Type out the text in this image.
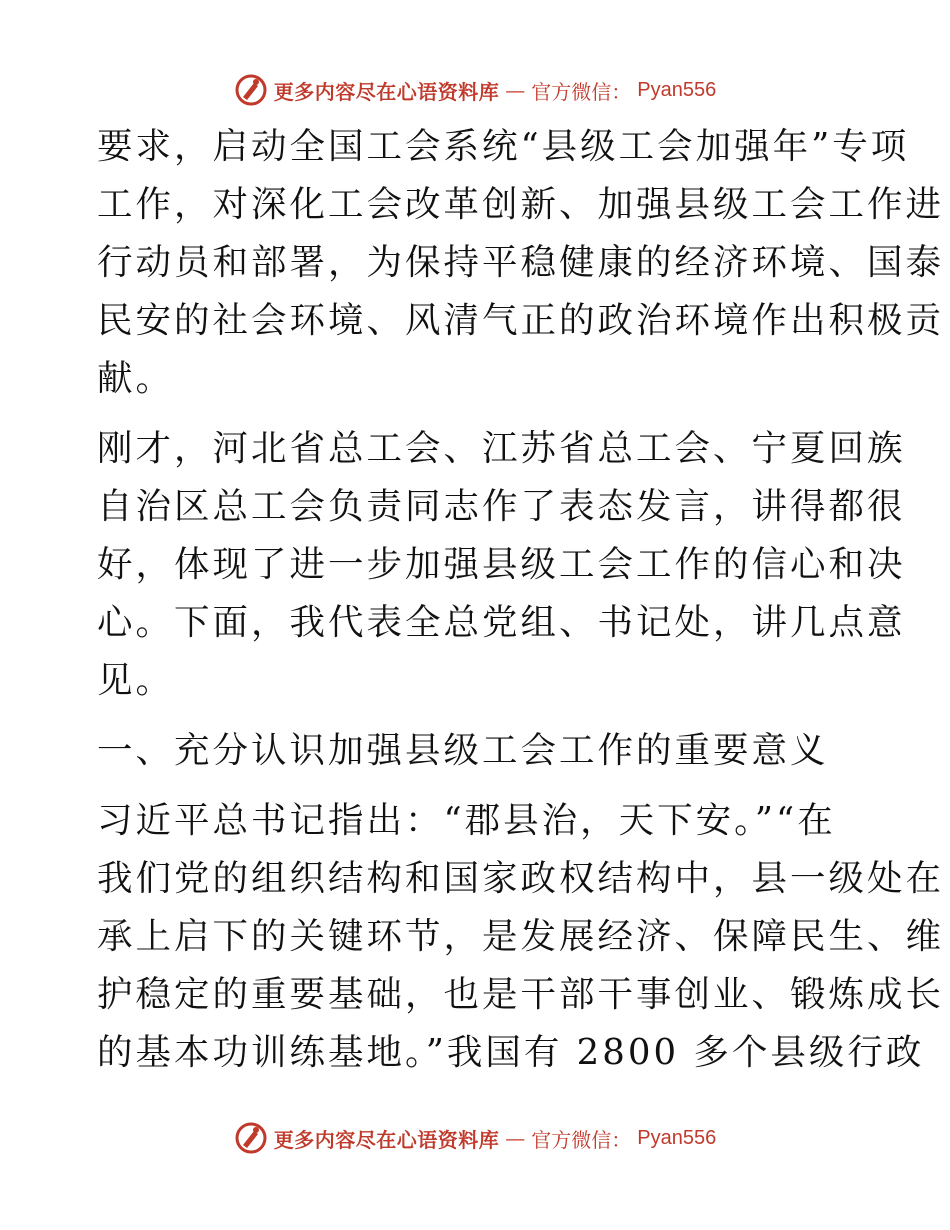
更多内容尽在心语资料库 — 官方微信： Pyan556
要求，启动全国工会系统“县级工会加强年”专项
工作，对深化工会改革创新、加强县级工会工作进
行动员和部署，为保持平稳健康的经济环境、国泰
民安的社会环境、风清气正的政治环境作出积极贡
献。
刚才，河北省总工会、江苏省总工会、宁夏回族
自治区总工会负责同志作了表态发言，讲得都很
好，体现了进一步加强县级工会工作的信心和决
心。下面，我代表全总党组、书记处，讲几点意
见。
一、充分认识加强县级工会工作的重要意义
习近平总书记指出：“郡县治，天下安。”“在
我们党的组织结构和国家政权结构中，县一级处在
承上启下的关键环节，是发展经济、保障民生、维
护稳定的重要基础，也是干部干事创业、锻炼成长
的基本功训练基地。”我国有 2800 多个县级行政
更多内容尽在心语资料库 — 官方微信： Pyan556
